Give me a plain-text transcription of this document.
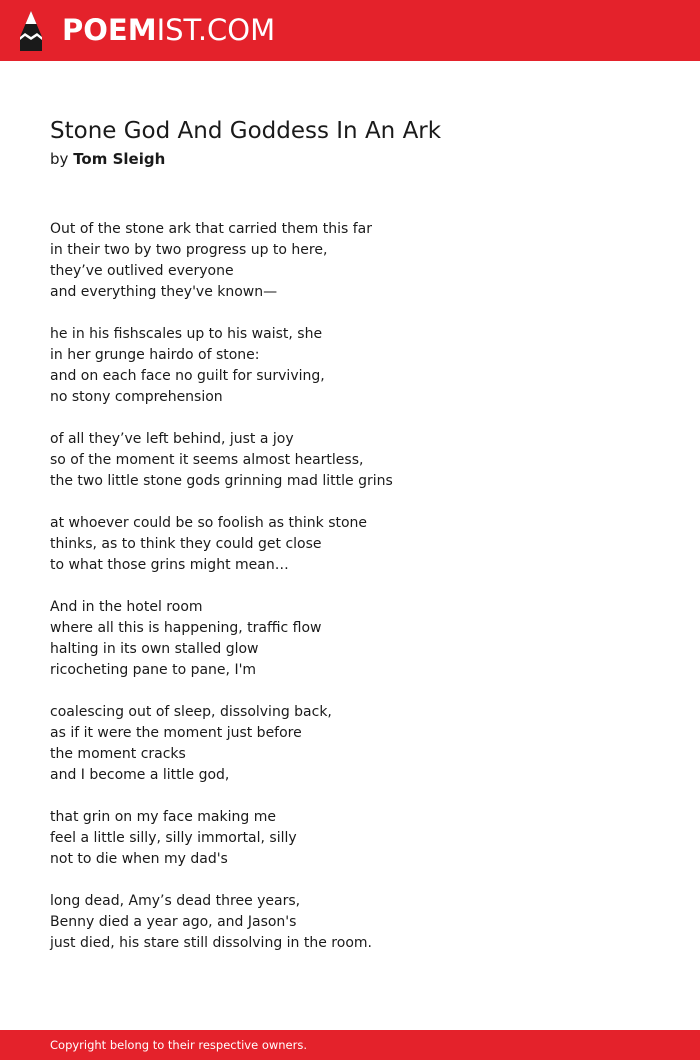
POEMIST.COM
Stone God And Goddess In An Ark
by Tom Sleigh
Out of the stone ark that carried them this far
in their two by two progress up to here,
they’ve outlived everyone
and everything they've known—
he in his fishscales up to his waist, she
in her grunge hairdo of stone:
and on each face no guilt for surviving,
no stony comprehension
of all they’ve left behind, just a joy
so of the moment it seems almost heartless,
the two little stone gods grinning mad little grins
at whoever could be so foolish as think stone
thinks, as to think they could get close
to what those grins might mean…
And in the hotel room
where all this is happening, traffic flow
halting in its own stalled glow
ricocheting pane to pane, I'm
coalescing out of sleep, dissolving back,
as if it were the moment just before
the moment cracks
and I become a little god,
that grin on my face making me
feel a little silly, silly immortal, silly
not to die when my dad's
long dead, Amy’s dead three years,
Benny died a year ago, and Jason's
just died, his stare still dissolving in the room.
Copyright belong to their respective owners.
